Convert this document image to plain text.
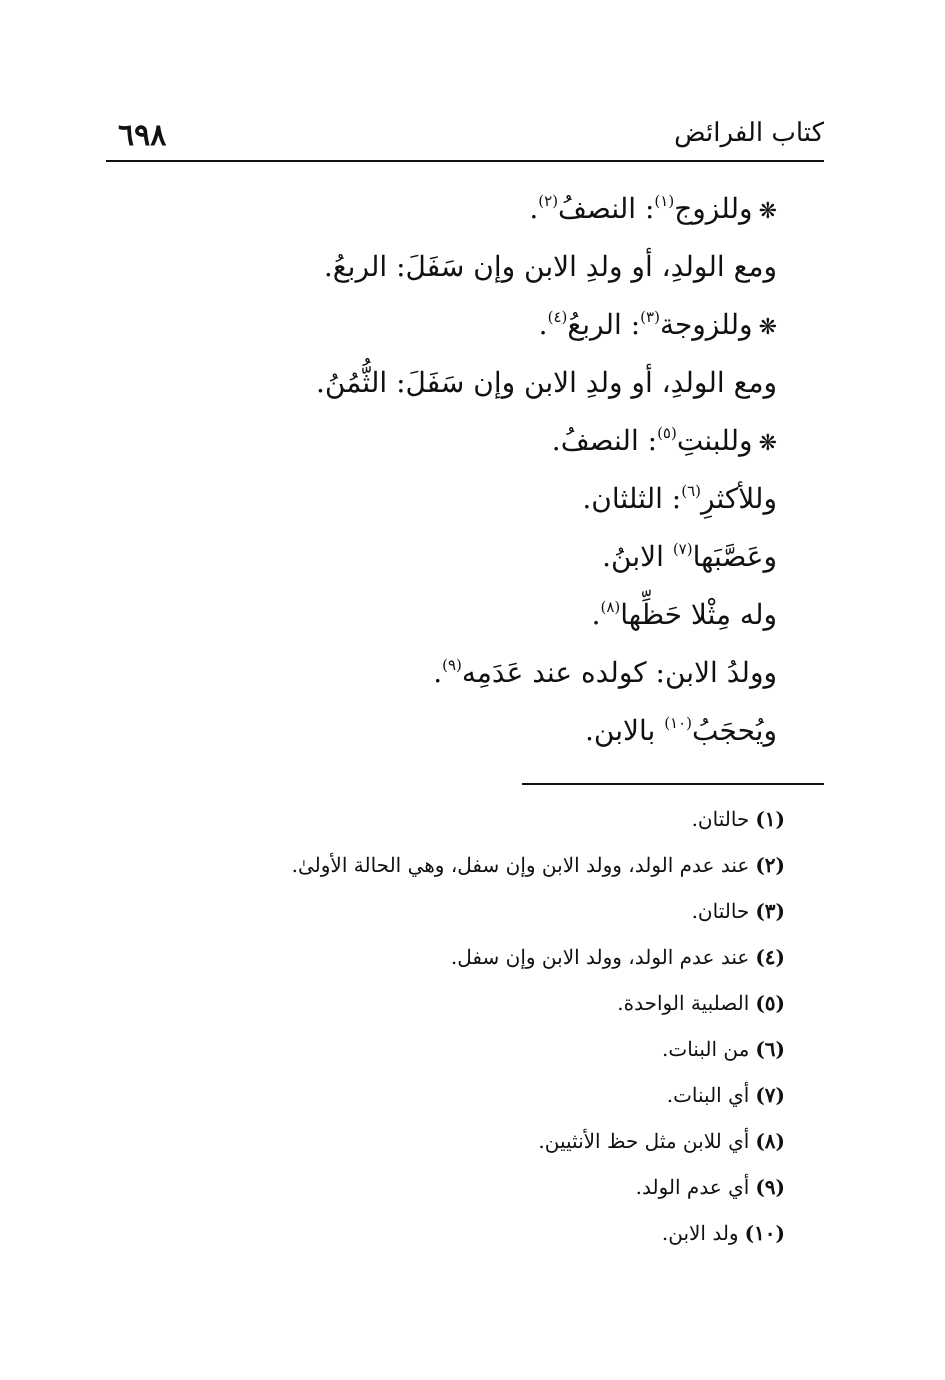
٦٩٨	كتاب الفرائض
❋وللزوج$^{(١)}$: النصفُ$^{(٢)}$.
ومع الولدِ، أو ولدِ الابن وإن سَفَلَ: الربعُ.
❋وللزوجة$^{(٣)}$: الربعُ$^{(٤)}$.
ومع الولدِ، أو ولدِ الابن وإن سَفَلَ: الثُّمُنُ.
❋وللبنتِ$^{(٥)}$: النصفُ.
وللأكثرِ$^{(٦)}$: الثلثان.
وعَصَّبَها$^{(٧)}$ الابنُ.
وله مِثْلا حَظِّها$^{(٨)}$.
وولدُ الابن: كولده عند عَدَمِه$^{(٩)}$.
ويُحجَبُ$^{(١٠)}$ بالابن.
(١)حالتان.
(٢)عند عدم الولد، وولد الابن وإن سفل، وهي الحالة الأولىٰ.
(٣)حالتان.
(٤)عند عدم الولد، وولد الابن وإن سفل.
(٥)الصلبية الواحدة.
(٦)من البنات.
(٧)أي البنات.
(٨)أي للابن مثل حظ الأنثيين.
(٩)أي عدم الولد.
(١٠)ولد الابن.
